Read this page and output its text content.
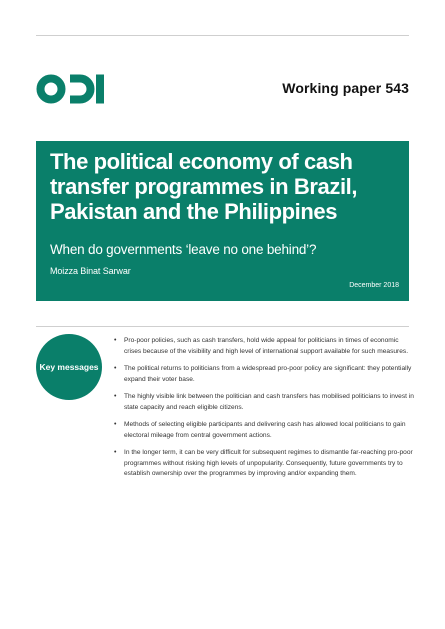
Working paper 543
The political economy of cash transfer programmes in Brazil, Pakistan and the Philippines
When do governments ‘leave no one behind’?
Moizza Binat Sarwar
December 2018
Key messages
• Pro-poor policies, such as cash transfers, hold wide appeal for politicians in times of economic crises because of the visibility and high level of international support available for such measures.
• The political returns to politicians from a widespread pro-poor policy are significant: they potentially expand their voter base.
• The highly visible link between the politician and cash transfers has mobilised politicians to invest in state capacity and reach eligible citizens.
• Methods of selecting eligible participants and delivering cash has allowed local politicians to gain electoral mileage from central government actions.
• In the longer term, it can be very difficult for subsequent regimes to dismantle far-reaching pro-poor programmes without risking high levels of unpopularity. Consequently, future governments try to establish ownership over the programmes by improving and/or expanding them.
